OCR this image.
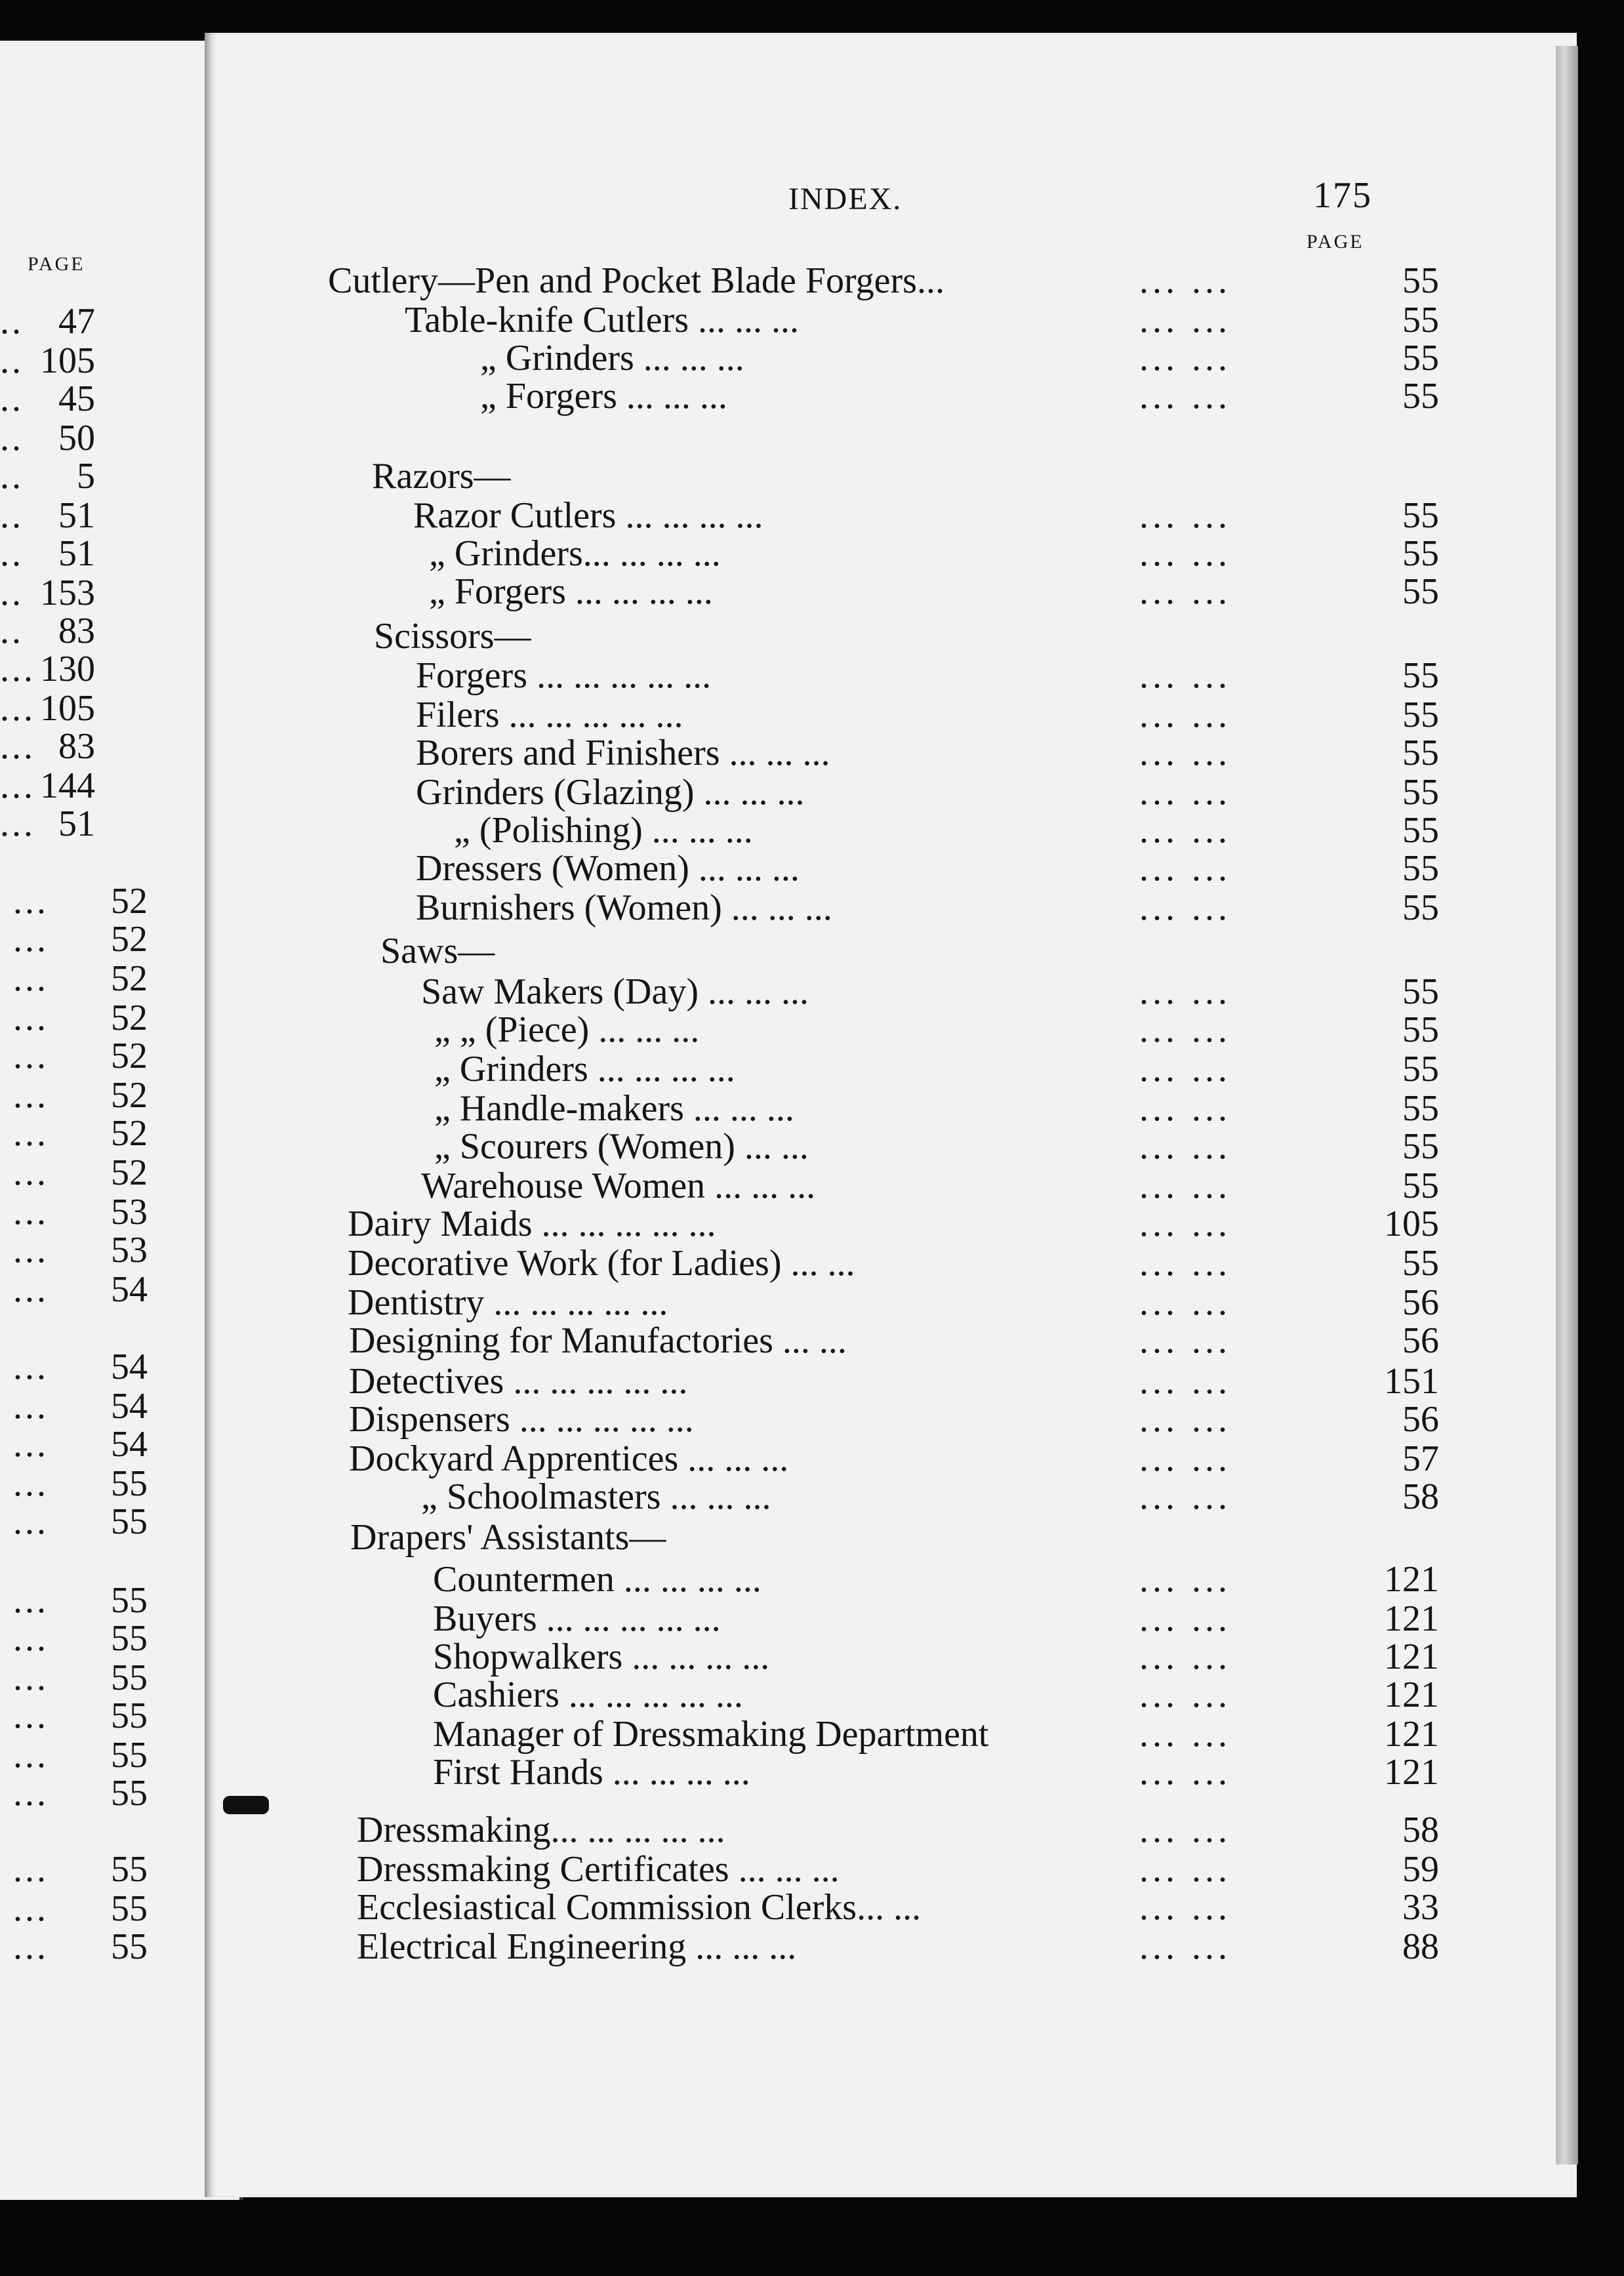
PAGE
.. 47
.. 105
.. 45
.. 50
.. 5
.. 51
.. 51
.. 153
.. 83
... 130
... 105
... 83
... 144
... 51
... 52
... 52
... 52
... 52
... 52
... 52
... 52
... 52
... 53
... 53
... 54
... 54
... 54
... 54
... 55
... 55
... 55
... 55
... 55
... 55
... 55
... 55
... 55
... 55
... 55
INDEX.	175
PAGE
Cutlery—Pen and Pocket Blade Forgers...	... ...	55
Table-knife Cutlers ... ... ...	... ...	55
„ Grinders ... ... ...	... ...	55
„ Forgers ... ... ...	... ...	55
Razors—
Razor Cutlers ... ... ... ...	... ...	55
„ Grinders... ... ... ...	... ...	55
„ Forgers ... ... ... ...	... ...	55
Scissors—
Forgers ... ... ... ... ...	... ...	55
Filers ... ... ... ... ...	... ...	55
Borers and Finishers ... ... ...	... ...	55
Grinders (Glazing) ... ... ...	... ...	55
„ (Polishing) ... ... ...	... ...	55
Dressers (Women) ... ... ...	... ...	55
Burnishers (Women) ... ... ...	... ...	55
Saws—
Saw Makers (Day) ... ... ...	... ...	55
„ „ (Piece) ... ... ...	... ...	55
„ Grinders ... ... ... ...	... ...	55
„ Handle-makers ... ... ...	... ...	55
„ Scourers (Women) ... ...	... ...	55
Warehouse Women ... ... ...	... ...	55
Dairy Maids ... ... ... ... ...	... ...	105
Decorative Work (for Ladies) ... ...	... ...	55
Dentistry ... ... ... ... ...	... ...	56
Designing for Manufactories ... ...	... ...	56
Detectives ... ... ... ... ...	... ...	151
Dispensers ... ... ... ... ...	... ...	56
Dockyard Apprentices ... ... ...	... ...	57
„ Schoolmasters ... ... ...	... ...	58
Drapers' Assistants—
Countermen ... ... ... ...	... ...	121
Buyers ... ... ... ... ...	... ...	121
Shopwalkers ... ... ... ...	... ...	121
Cashiers ... ... ... ... ...	... ...	121
Manager of Dressmaking Department	... ...	121
First Hands ... ... ... ...	... ...	121
Dressmaking... ... ... ... ...	... ...	58
Dressmaking Certificates ... ... ...	... ...	59
Ecclesiastical Commission Clerks... ...	... ...	33
Electrical Engineering ... ... ...	... ...	88
